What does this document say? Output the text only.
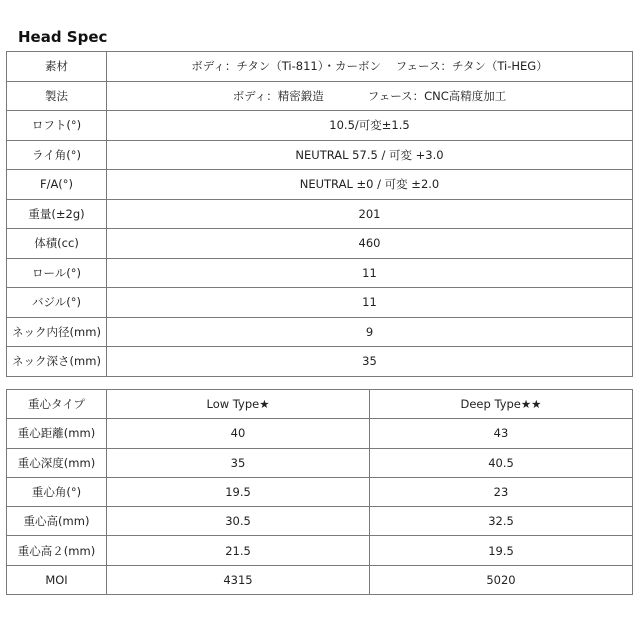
Head Spec
素材	ボディ：チタン（Ti-811）・カーボン フェース：チタン（Ti-HEG）
製法	ボディ：精密鍛造 フェース：CNC高精度加工
ロフト(°)	10.5/可変±1.5
ライ角(°)	NEUTRAL 57.5 / 可変 +3.0
F/A(°)	NEUTRAL ±0 / 可変 ±2.0
重量(±2g)	201
体積(cc)	460
ロール(°)	11
バジル(°)	11
ネック内径(mm)	9
ネック深さ(mm)	35
重心タイプ	Low Type★	Deep Type★★
重心距離(mm)	40	43
重心深度(mm)	35	40.5
重心角(°)	19.5	23
重心高(mm)	30.5	32.5
重心高２(mm)	21.5	19.5
MOI	4315	5020
